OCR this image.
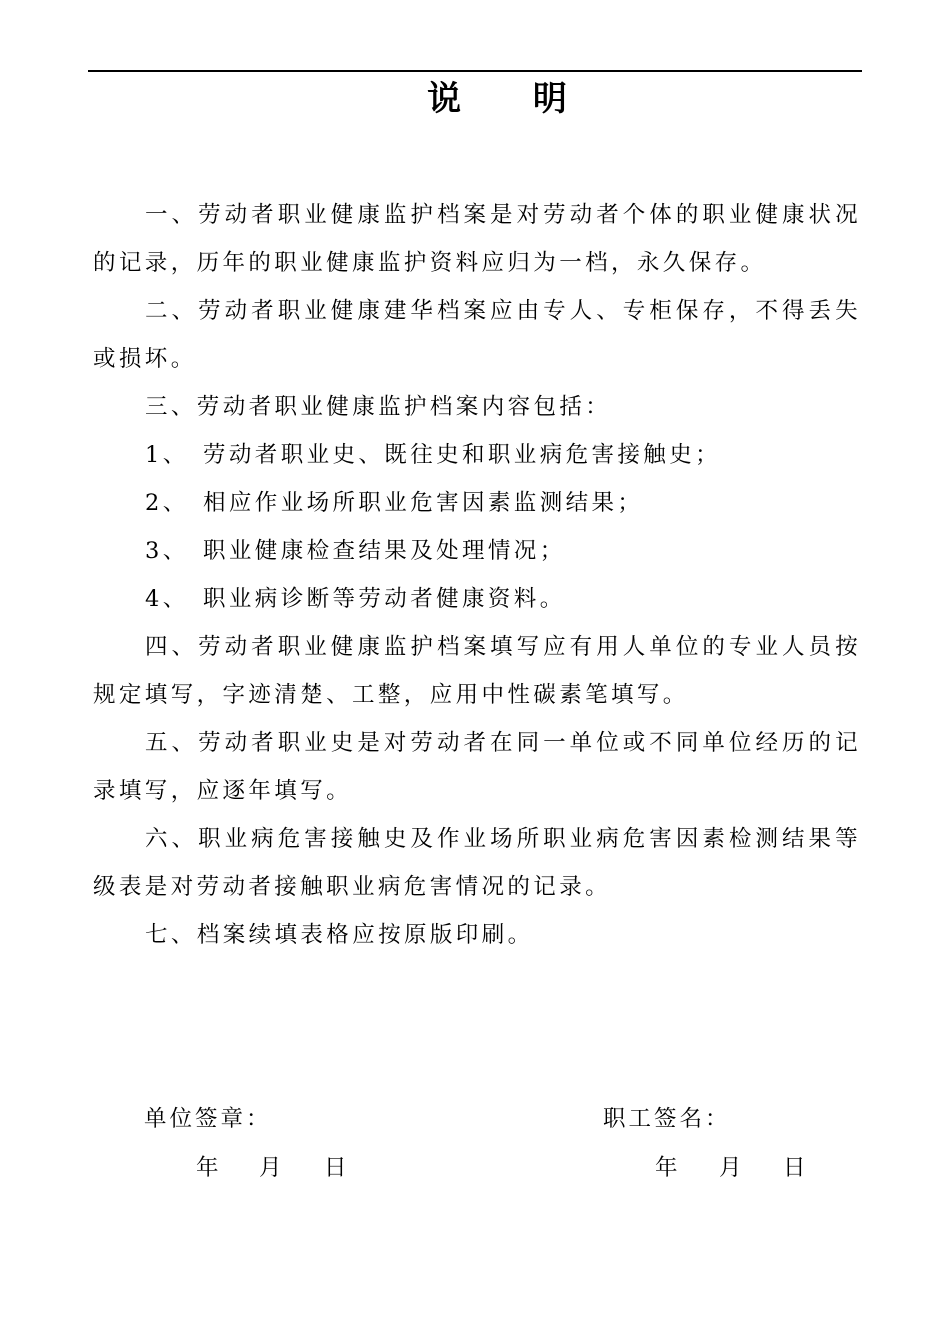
说 明

一、劳动者职业健康监护档案是对劳动者个体的职业健康状况的记录，历年的职业健康监护资料应归为一档，永久保存。

二、劳动者职业健康建华档案应由专人、专柜保存，不得丢失或损坏。

三、劳动者职业健康监护档案内容包括：

1、 劳动者职业史、既往史和职业病危害接触史；

2、 相应作业场所职业危害因素监测结果；

3、 职业健康检查结果及处理情况；

4、 职业病诊断等劳动者健康资料。

四、劳动者职业健康监护档案填写应有用人单位的专业人员按规定填写，字迹清楚、工整，应用中性碳素笔填写。

五、劳动者职业史是对劳动者在同一单位或不同单位经历的记录填写，应逐年填写。

六、职业病危害接触史及作业场所职业病危害因素检测结果等级表是对劳动者接触职业病危害情况的记录。

七、档案续填表格应按原版印刷。

单位签章：	职工签名：
年 月 日	年 月 日
